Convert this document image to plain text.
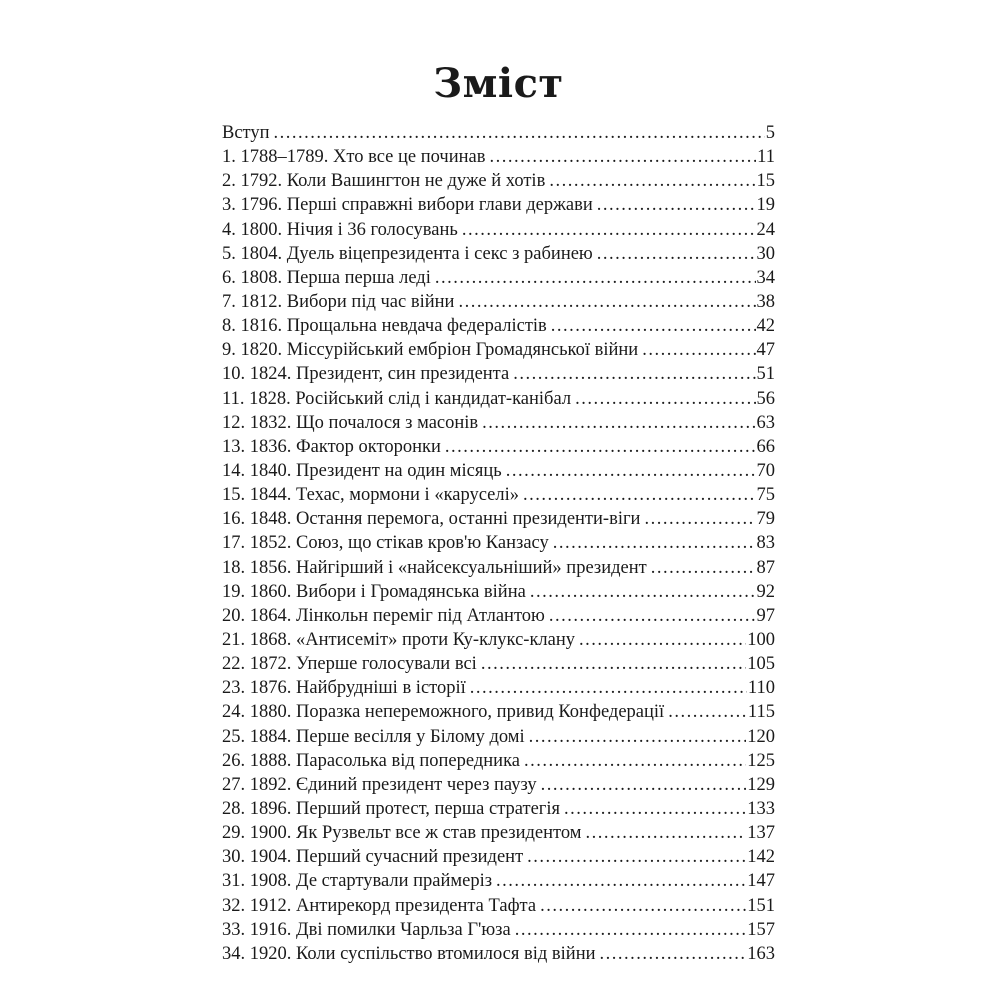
Зміст
Вступ .....	5
1. 1788–1789. Хто все це починав .....	11
2. 1792. Коли Вашингтон не дуже й хотів .....	15
3. 1796. Перші справжні вибори глави держави .....	19
4. 1800. Нічия і 36 голосувань .....	24
5. 1804. Дуель віцепрезидента і секс з рабинею .....	30
6. 1808. Перша перша леді .....	34
7. 1812. Вибори під час війни .....	38
8. 1816. Прощальна невдача федералістів .....	42
9. 1820. Міссурійський ембріон Громадянської війни .....	47
10. 1824. Президент, син президента .....	51
11. 1828. Російський слід і кандидат-канібал .....	56
12. 1832. Що почалося з масонів .....	63
13. 1836. Фактор окторонки .....	66
14. 1840. Президент на один місяць .....	70
15. 1844. Техас, мормони і «каруселі» .....	75
16. 1848. Остання перемога, останні президенти-віги .....	79
17. 1852. Союз, що стікав кров'ю Канзасу .....	83
18. 1856. Найгірший і «найсексуальніший» президент .....	87
19. 1860. Вибори і Громадянська війна .....	92
20. 1864. Лінкольн переміг під Атлантою .....	97
21. 1868. «Антисеміт» проти Ку-клукс-клану .....	100
22. 1872. Уперше голосували всі .....	105
23. 1876. Найбрудніші в історії .....	110
24. 1880. Поразка непереможного, привид Конфедерації .....	115
25. 1884. Перше весілля у Білому домі .....	120
26. 1888. Парасолька від попередника .....	125
27. 1892. Єдиний президент через паузу .....	129
28. 1896. Перший протест, перша стратегія .....	133
29. 1900. Як Рузвельт все ж став президентом .....	137
30. 1904. Перший сучасний президент .....	142
31. 1908. Де стартували праймеріз .....	147
32. 1912. Антирекорд президента Тафта .....	151
33. 1916. Дві помилки Чарльза Г'юза .....	157
34. 1920. Коли суспільство втомилося від війни .....	163
